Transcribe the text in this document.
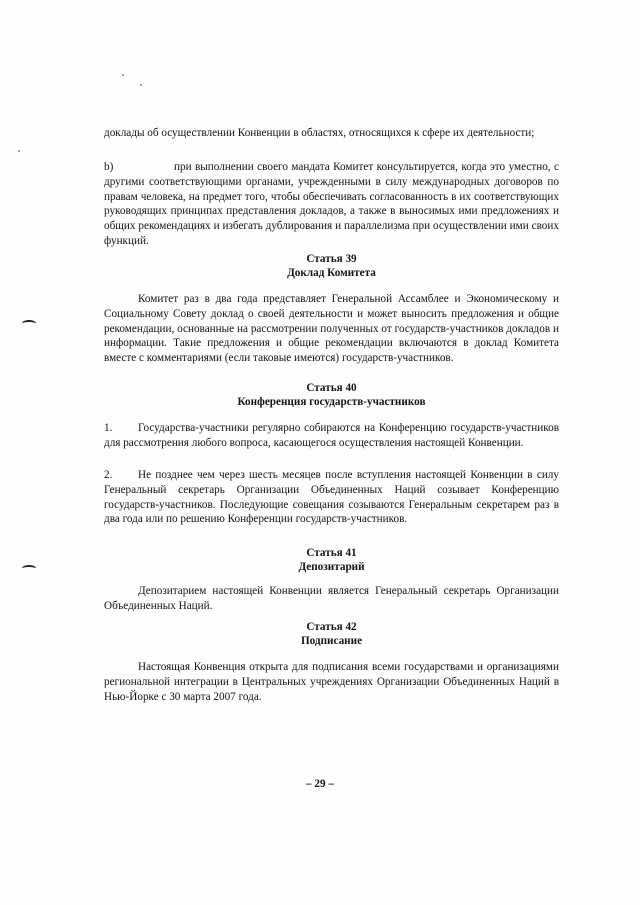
доклады об осуществлении Конвенции в областях, относящихся к сфере их деятельности;

b)	при выполнении своего мандата Комитет консультируется, когда это уместно, с другими соответствующими органами, учрежденными в силу международных договоров по правам человека, на предмет того, чтобы обеспечивать согласованность в их соответствующих руководящих принципах представления докладов, а также в выносимых ими предложениях и общих рекомендациях и избегать дублирования и параллелизма при осуществлении ими своих функций.

Статья 39
Доклад Комитета

Комитет раз в два года представляет Генеральной Ассамблее и Экономическому и Социальному Совету доклад о своей деятельности и может выносить предложения и общие рекомендации, основанные на рассмотрении полученных от государств-участников докладов и информации. Такие предложения и общие рекомендации включаются в доклад Комитета вместе с комментариями (если таковые имеются) государств-участников.

Статья 40
Конференция государств-участников

1. Государства-участники регулярно собираются на Конференцию государств-участников для рассмотрения любого вопроса, касающегося осуществления настоящей Конвенции.

2. Не позднее чем через шесть месяцев после вступления настоящей Конвенции в силу Генеральный секретарь Организации Объединенных Наций созывает Конференцию государств-участников. Последующие совещания созываются Генеральным секретарем раз в два года или по решению Конференции государств-участников.

Статья 41
Депозитарий

Депозитарием настоящей Конвенции является Генеральный секретарь Организации Объединенных Наций.

Статья 42
Подписание

Настоящая Конвенция открыта для подписания всеми государствами и организациями региональной интеграции в Центральных учреждениях Организации Объединенных Наций в Нью-Йорке с 30 марта 2007 года.

– 29 –
